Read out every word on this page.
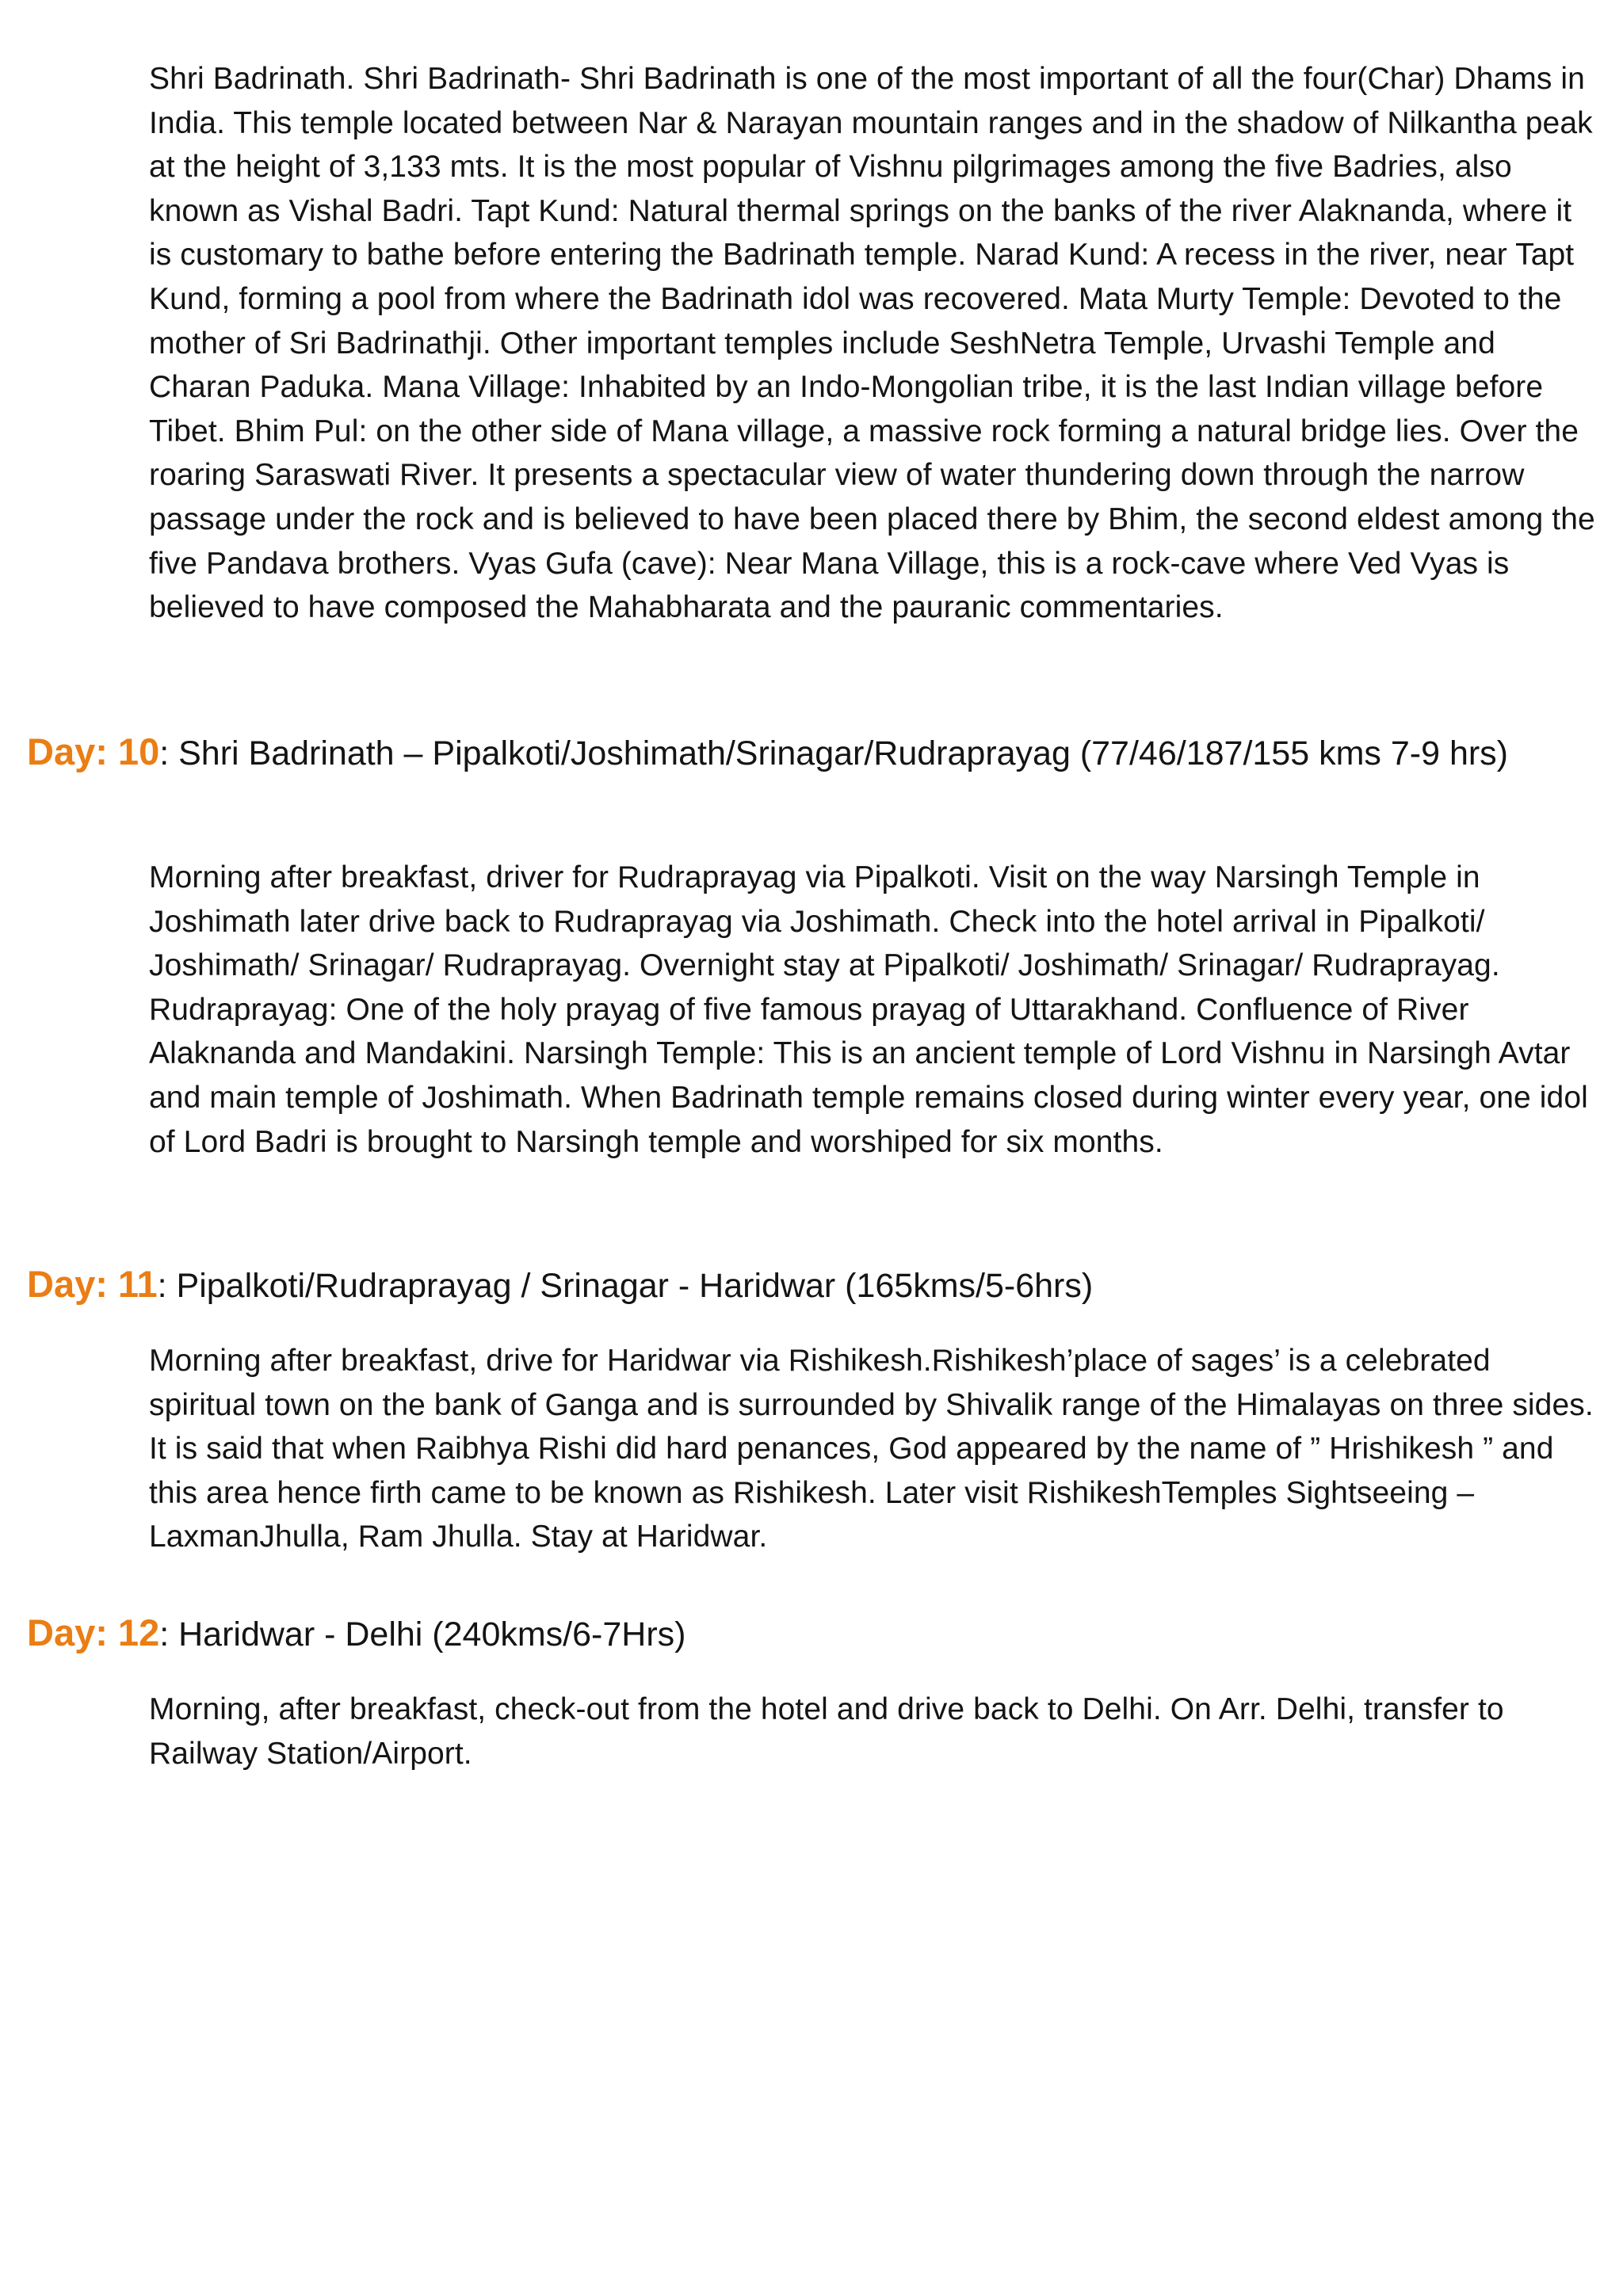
Shri Badrinath. Shri Badrinath- Shri Badrinath is one of the most important of all the four(Char) Dhams in India. This temple located between Nar & Narayan mountain ranges and in the shadow of Nilkantha peak at the height of 3,133 mts. It is the most popular of Vishnu pilgrimages among the five Badries, also known as Vishal Badri. Tapt Kund: Natural thermal springs on the banks of the river Alaknanda, where it is customary to bathe before entering the Badrinath temple. Narad Kund: A recess in the river, near Tapt Kund, forming a pool from where the Badrinath idol was recovered. Mata Murty Temple: Devoted to the mother of Sri Badrinathji. Other important temples include SeshNetra Temple, Urvashi Temple and Charan Paduka. Mana Village: Inhabited by an Indo-Mongolian tribe, it is the last Indian village before Tibet. Bhim Pul: on the other side of Mana village, a massive rock forming a natural bridge lies. Over the roaring Saraswati River. It presents a spectacular view of water thundering down through the narrow passage under the rock and is believed to have been placed there by Bhim, the second eldest among the five Pandava brothers. Vyas Gufa (cave): Near Mana Village, this is a rock-cave where Ved Vyas is believed to have composed the Mahabharata and the pauranic commentaries.

Day: 10: Shri Badrinath – Pipalkoti/Joshimath/Srinagar/Rudraprayag (77/46/187/155 kms 7-9 hrs)

Morning after breakfast, driver for Rudraprayag via Pipalkoti. Visit on the way Narsingh Temple in Joshimath later drive back to Rudraprayag via Joshimath. Check into the hotel arrival in Pipalkoti/ Joshimath/ Srinagar/ Rudraprayag. Overnight stay at Pipalkoti/ Joshimath/ Srinagar/ Rudraprayag. Rudraprayag: One of the holy prayag of five famous prayag of Uttarakhand. Confluence of River Alaknanda and Mandakini. Narsingh Temple: This is an ancient temple of Lord Vishnu in Narsingh Avtar and main temple of Joshimath. When Badrinath temple remains closed during winter every year, one idol of Lord Badri is brought to Narsingh temple and worshiped for six months.

Day: 11: Pipalkoti/Rudraprayag / Srinagar - Haridwar (165kms/5-6hrs)

Morning after breakfast, drive for Haridwar via Rishikesh.Rishikesh’place of sages’ is a celebrated spiritual town on the bank of Ganga and is surrounded by Shivalik range of the Himalayas on three sides. It is said that when Raibhya Rishi did hard penances, God appeared by the name of ” Hrishikesh ” and this area hence firth came to be known as Rishikesh. Later visit RishikeshTemples Sightseeing – LaxmanJhulla, Ram Jhulla. Stay at Haridwar.

Day: 12: Haridwar - Delhi (240kms/6-7Hrs)

Morning, after breakfast, check-out from the hotel and drive back to Delhi. On Arr. Delhi, transfer to Railway Station/Airport.
